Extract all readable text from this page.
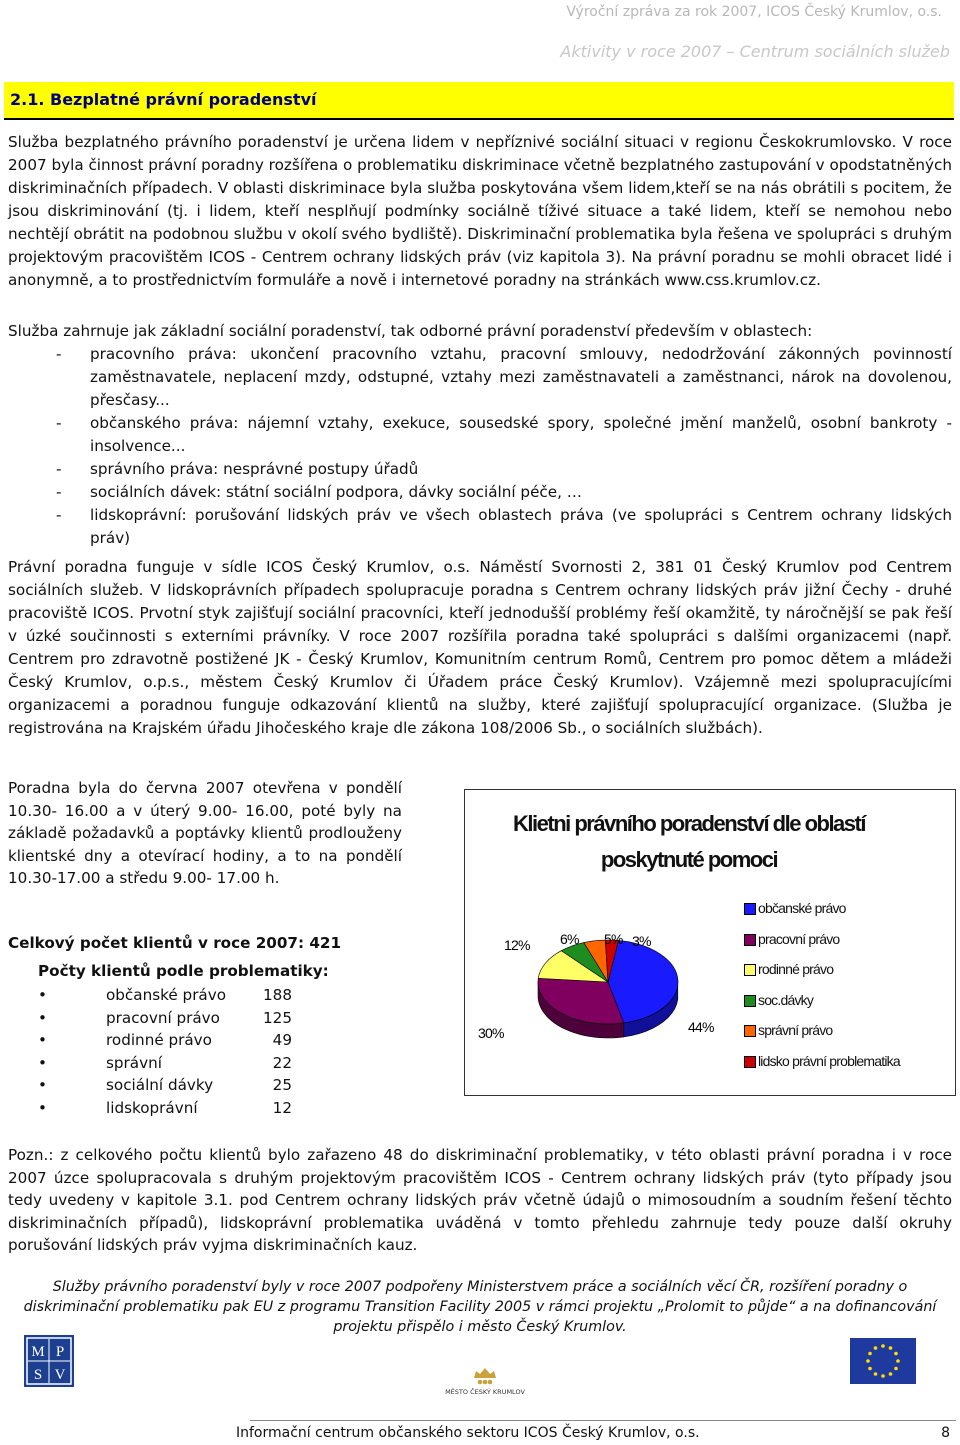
Výroční zpráva za rok 2007, ICOS Český Krumlov, o.s.
Aktivity v roce 2007 – Centrum sociálních služeb
2.1. Bezplatné právní poradenství

Služba bezplatného právního poradenství je určena lidem v nepříznivé sociální situaci v regionu Českokrumlovsko. V roce 2007 byla činnost právní poradny rozšířena o problematiku diskriminace včetně bezplatného zastupování v opodstatněných diskriminačních případech. V oblasti diskriminace byla služba poskytována všem lidem,kteří se na nás obrátili s pocitem, že jsou diskriminování (tj. i lidem, kteří nesplňují podmínky sociálně tíživé situace a také lidem, kteří se nemohou nebo nechtějí obrátit na podobnou službu v okolí svého bydliště). Diskriminační problematika byla řešena ve spolupráci s druhým projektovým pracovištěm ICOS - Centrem ochrany lidských práv (viz kapitola 3). Na právní poradnu se mohli obracet lidé i anonymně, a to prostřednictvím formuláře a nově i internetové poradny na stránkách www.css.krumlov.cz.

Služba zahrnuje jak základní sociální poradenství, tak odborné právní poradenství především v oblastech:
- pracovního práva: ukončení pracovního vztahu, pracovní smlouvy, nedodržování zákonných povinností zaměstnavatele, neplacení mzdy, odstupné, vztahy mezi zaměstnavateli a zaměstnanci, nárok na dovolenou, přesčasy...
- občanského práva: nájemní vztahy, exekuce, sousedské spory, společné jmění manželů, osobní bankroty - insolvence...
- správního práva: nesprávné postupy úřadů
- sociálních dávek: státní sociální podpora, dávky sociální péče, …
- lidskoprávní: porušování lidských práv ve všech oblastech práva (ve spolupráci s Centrem ochrany lidských práv)

Právní poradna funguje v sídle ICOS Český Krumlov, o.s. Náměstí Svornosti 2, 381 01 Český Krumlov pod Centrem sociálních služeb. V lidskoprávních případech spolupracuje poradna s Centrem ochrany lidských práv jižní Čechy - druhé pracoviště ICOS. Prvotní styk zajišťují sociální pracovníci, kteří jednodušší problémy řeší okamžitě, ty náročnější se pak řeší v úzké součinnosti s externími právníky. V roce 2007 rozšířila poradna také spolupráci s dalšími organizacemi (např. Centrem pro zdravotně postižené JK - Český Krumlov, Komunitním centrum Romů, Centrem pro pomoc dětem a mládeži Český Krumlov, o.p.s., městem Český Krumlov či Úřadem práce Český Krumlov). Vzájemně mezi spolupracujícími organizacemi a poradnou funguje odkazování klientů na služby, které zajišťují spolupracující organizace. (Služba je registrována na Krajském úřadu Jihočeského kraje dle zákona 108/2006 Sb., o sociálních službách).

Poradna byla do června 2007 otevřena v pondělí 10.30- 16.00 a v úterý 9.00- 16.00, poté byly na základě požadavků a poptávky klientů prodlouženy klientské dny a otevírací hodiny, a to na pondělí 10.30-17.00 a středu 9.00- 17.00 h.
Celkový počet klientů v roce 2007: 421
Počty klientů podle problematiky:
•	občanské právo	188
•	pracovní právo	125
•	rodinné právo	49
•	správní	22
•	sociální dávky	25
•	lidskoprávní	12
Klietni právního poradenství dle oblastí poskytnuté pomoci
44%
30%
12% 6% 5% 3%
občanské právo
pracovní právo
rodinné právo
soc.dávky
správní právo
lidsko právní problematika

Pozn.: z celkového počtu klientů bylo zařazeno 48 do diskriminační problematiky, v této oblasti právní poradna i v roce 2007 úzce spolupracovala s druhým projektovým pracovištěm ICOS - Centrem ochrany lidských práv (tyto případy jsou tedy uvedeny v kapitole 3.1. pod Centrem ochrany lidských práv včetně údajů o mimosoudním a soudním řešení těchto diskriminačních případů), lidskoprávní problematika uváděná v tomto přehledu zahrnuje tedy pouze další okruhy porušování lidských práv vyjma diskriminačních kauz.

Služby právního poradenství byly v roce 2007 podpořeny Ministerstvem práce a sociálních věcí ČR, rozšíření poradny o diskriminační problematiku pak EU z programu Transition Facility 2005 v rámci projektu „Prolomit to půjde“ a na dofinancování projektu přispělo i město Český Krumlov.
M P
S V
MĚSTO ČESKÝ KRUMLOV
Informační centrum občanského sektoru ICOS Český Krumlov, o.s.	8
